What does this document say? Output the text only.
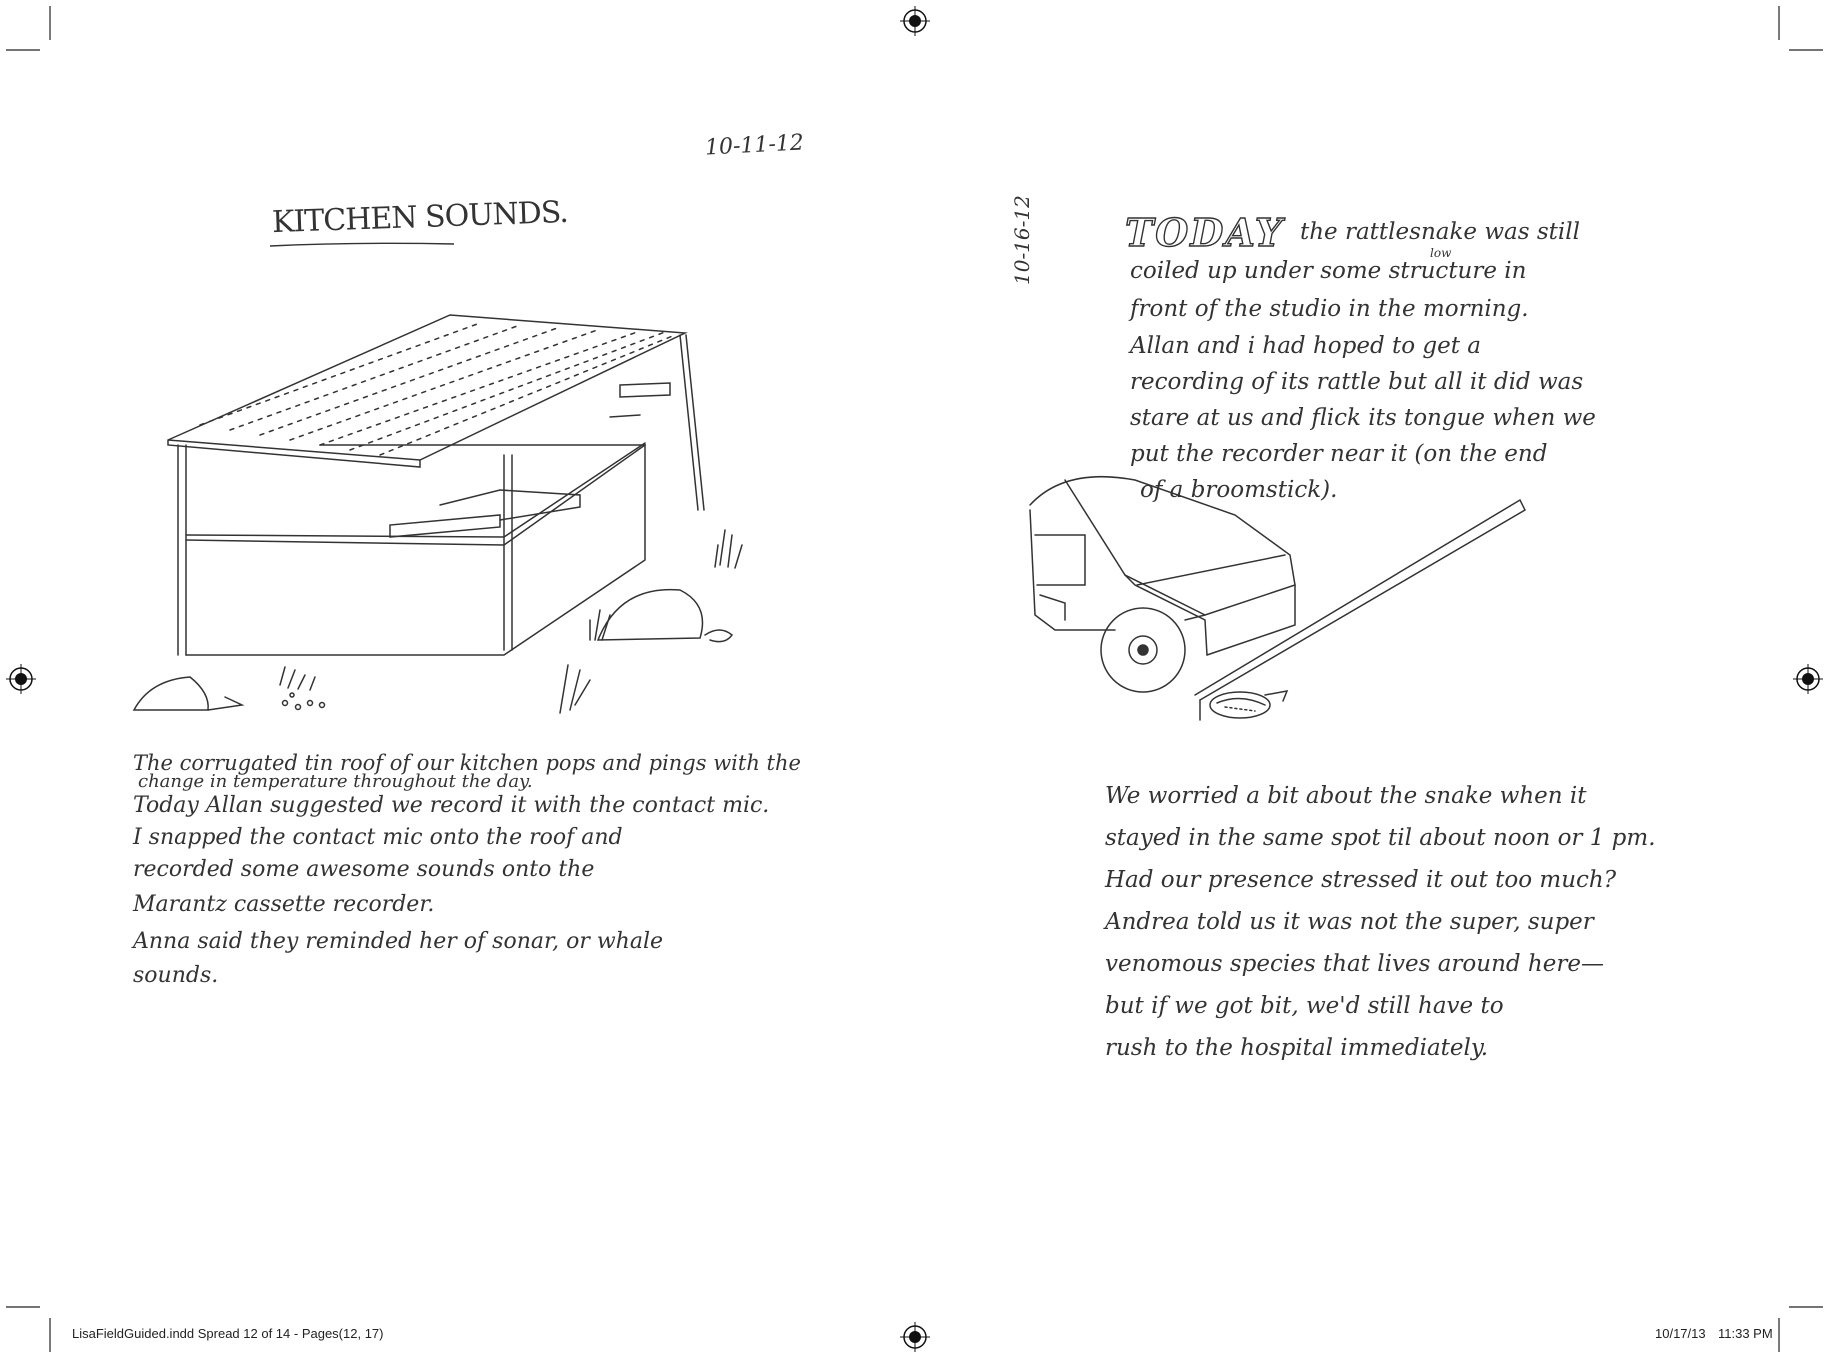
10-11-12
KITCHEN SOUNDS.
The corrugated tin roof of our kitchen pops and pings with the
change in temperature throughout the day.
Today Allan suggested we record it with the contact mic.
I snapped the contact mic onto the roof and
recorded some awesome sounds onto the
Marantz cassette recorder.
Anna said they reminded her of sonar, or whale
sounds.
10-16-12 TODAY	low
the rattlesnake was still
coiled up under some structure in
front of the studio in the morning.
Allan and i had hoped to get a
recording of its rattle but all it did was
stare at us and flick its tongue when we
put the recorder near it (on the end
of a broomstick).
We worried a bit about the snake when it
stayed in the same spot til about noon or 1 pm.
Had our presence stressed it out too much?
Andrea told us it was not the super, super
venomous species that lives around here—
but if we got bit, we'd still have to
rush to the hospital immediately.
LisaFieldGuided.indd Spread 12 of 14 - Pages(12, 17)	10/17/13 11:33 PM
